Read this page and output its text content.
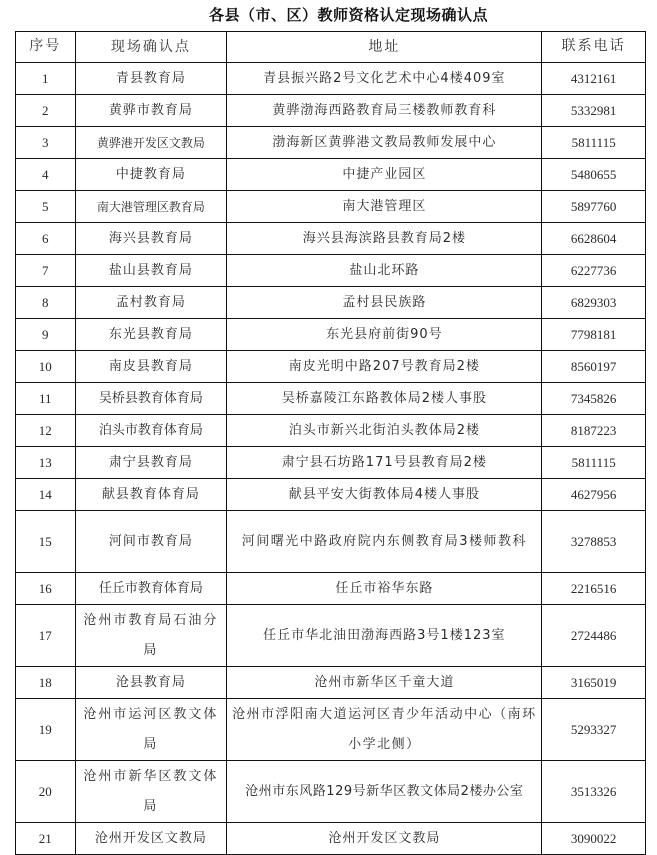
各县（市、区）教师资格认定现场确认点
序号	现场确认点	地址	联系电话
1	青县教育局	青县振兴路2号文化艺术中心4楼409室	4312161
2	黄骅市教育局	黄骅渤海西路教育局三楼教师教育科	5332981
3	黄骅港开发区文教局	渤海新区黄骅港文教局教师发展中心	5811115
4	中捷教育局	中捷产业园区	5480655
5	南大港管理区教育局	南大港管理区	5897760
6	海兴县教育局	海兴县海滨路县教育局2楼	6628604
7	盐山县教育局	盐山北环路	6227736
8	孟村教育局	孟村县民族路	6829303
9	东光县教育局	东光县府前街90号	7798181
10	南皮县教育局	南皮光明中路207号教育局2楼	8560197
11	吴桥县教育体育局	吴桥嘉陵江东路教体局2楼人事股	7345826
12	泊头市教育体育局	泊头市新兴北街泊头教体局2楼	8187223
13	肃宁县教育局	肃宁县石坊路171号县教育局2楼	5811115
14	献县教育体育局	献县平安大街教体局4楼人事股	4627956
15	河间市教育局	河间曙光中路政府院内东侧教育局3楼师教科	3278853
16	任丘市教育体育局	任丘市裕华东路	2216516
17	沧州市教育局石油分局	任丘市华北油田渤海西路3号1楼123室	2724486
18	沧县教育局	沧州市新华区千童大道	3165019
19	沧州市运河区教文体局	沧州市浮阳南大道运河区青少年活动中心（南环小学北侧）	5293327
20	沧州市新华区教文体局	沧州市东风路129号新华区教文体局2楼办公室	3513326
21	沧州开发区文教局	沧州开发区文教局	3090022
